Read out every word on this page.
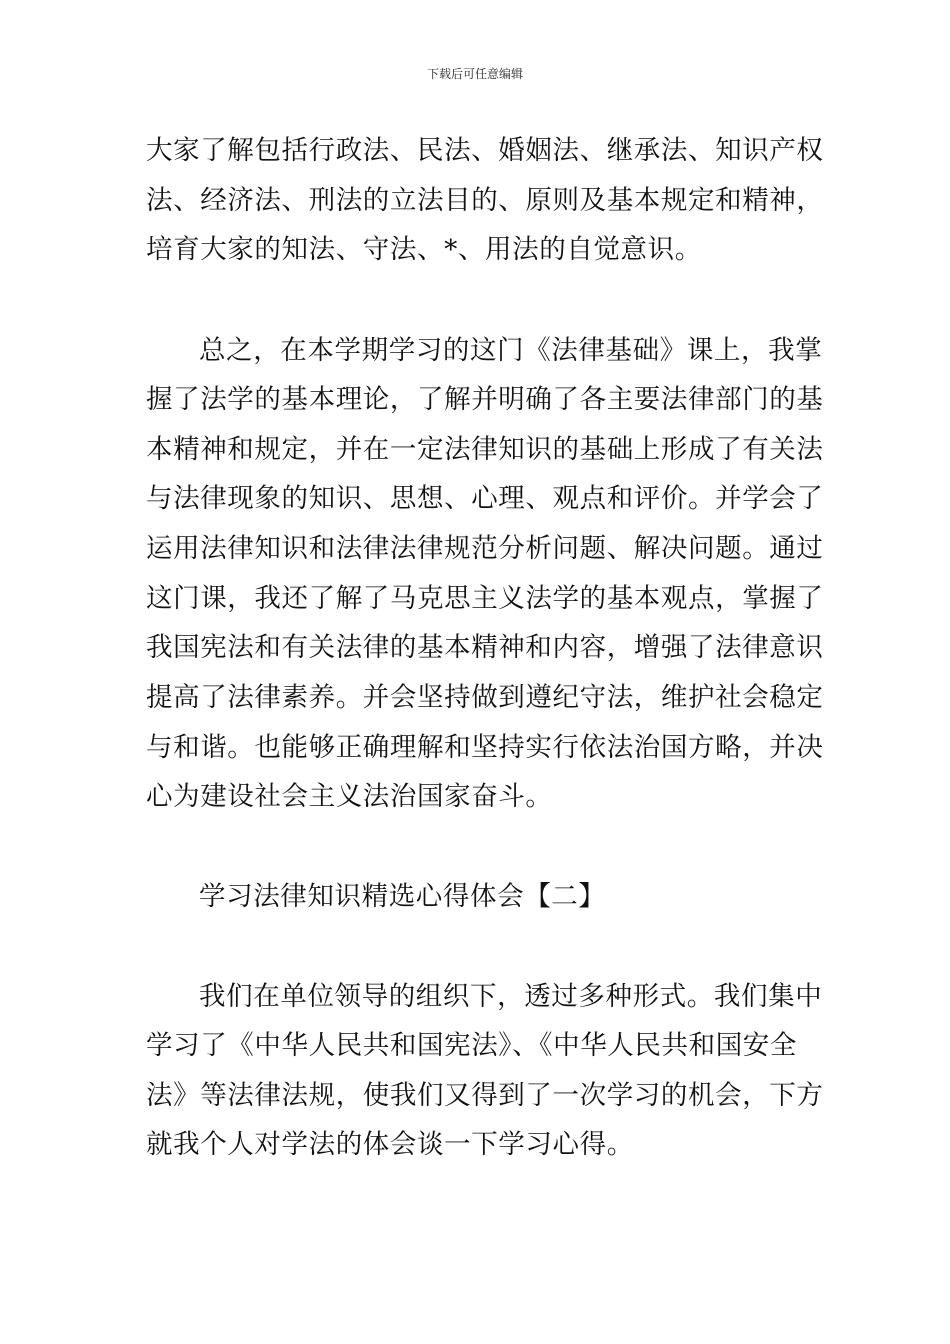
下载后可任意编辑
大家了解包括行政法、民法、婚姻法、继承法、知识产权
法、经济法、刑法的立法目的、原则及基本规定和精神，
培育大家的知法、守法、*、用法的自觉意识。
总之，在本学期学习的这门《法律基础》课上，我掌
握了法学的基本理论，了解并明确了各主要法律部门的基
本精神和规定，并在一定法律知识的基础上形成了有关法
与法律现象的知识、思想、心理、观点和评价。并学会了
运用法律知识和法律法律规范分析问题、解决问题。通过
这门课，我还了解了马克思主义法学的基本观点，掌握了
我国宪法和有关法律的基本精神和内容，增强了法律意识
提高了法律素养。并会坚持做到遵纪守法，维护社会稳定
与和谐。也能够正确理解和坚持实行依法治国方略，并决
心为建设社会主义法治国家奋斗。
学习法律知识精选心得体会【二】
我们在单位领导的组织下，透过多种形式。我们集中
学习了《中华人民共和国宪法》、《中华人民共和国安全
法》等法律法规，使我们又得到了一次学习的机会，下方
就我个人对学法的体会谈一下学习心得。
